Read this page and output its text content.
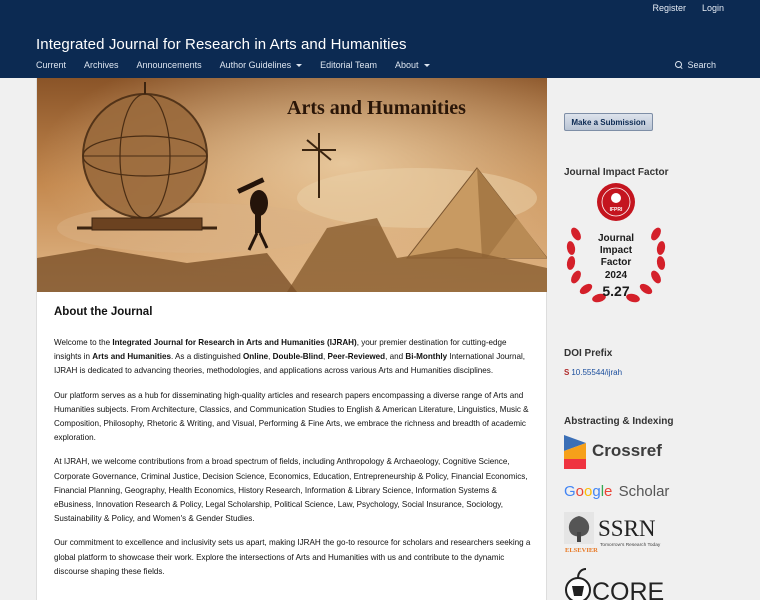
Register Login
Integrated Journal for Research in Arts and Humanities
Current Archives Announcements Author Guidelines	Editorial Team About	Search
Arts and Humanities
About the Journal

Welcome to the Integrated Journal for Research in Arts and Humanities (IJRAH), your premier destination for cutting-edge insights in Arts and Humanities. As a distinguished Online, Double-Blind, Peer-Reviewed, and Bi-Monthly International Journal, IJRAH is dedicated to advancing theories, methodologies, and applications across various Arts and Humanities disciplines.

Our platform serves as a hub for disseminating high-quality articles and research papers encompassing a diverse range of Arts and Humanities subjects. From Architecture, Classics, and Communication Studies to English & American Literature, Linguistics, Music & Composition, Philosophy, Rhetoric & Writing, and Visual, Performing & Fine Arts, we embrace the richness and breadth of academic exploration.

At IJRAH, we welcome contributions from a broad spectrum of fields, including Anthropology & Archaeology, Cognitive Science, Corporate Governance, Criminal Justice, Decision Science, Economics, Education, Entrepreneurship & Policy, Financial Economics, Financial Planning, Geography, Health Economics, History Research, Information & Library Science, Information Systems & eBusiness, Innovation Research & Policy, Legal Scholarship, Political Science, Law, Psychology, Social Insurance, Sociology, Sustainability & Policy, and Women's & Gender Studies.

Our commitment to excellence and inclusivity sets us apart, making IJRAH the go-to resource for scholars and researchers seeking a global platform to showcase their work. Explore the intersections of Arts and Humanities with us and contribute to the dynamic discourse shaping these fields.

Make a Submission
Journal Impact Factor
IFPRI
Journal
Impact
Factor
2024
5.27
DOI Prefix
S 10.55544/ijrah
Abstracting & Indexing
Crossref
Google Scholar
ELSEVIER
SSRN
Tomorrow's Research Today
CORE
